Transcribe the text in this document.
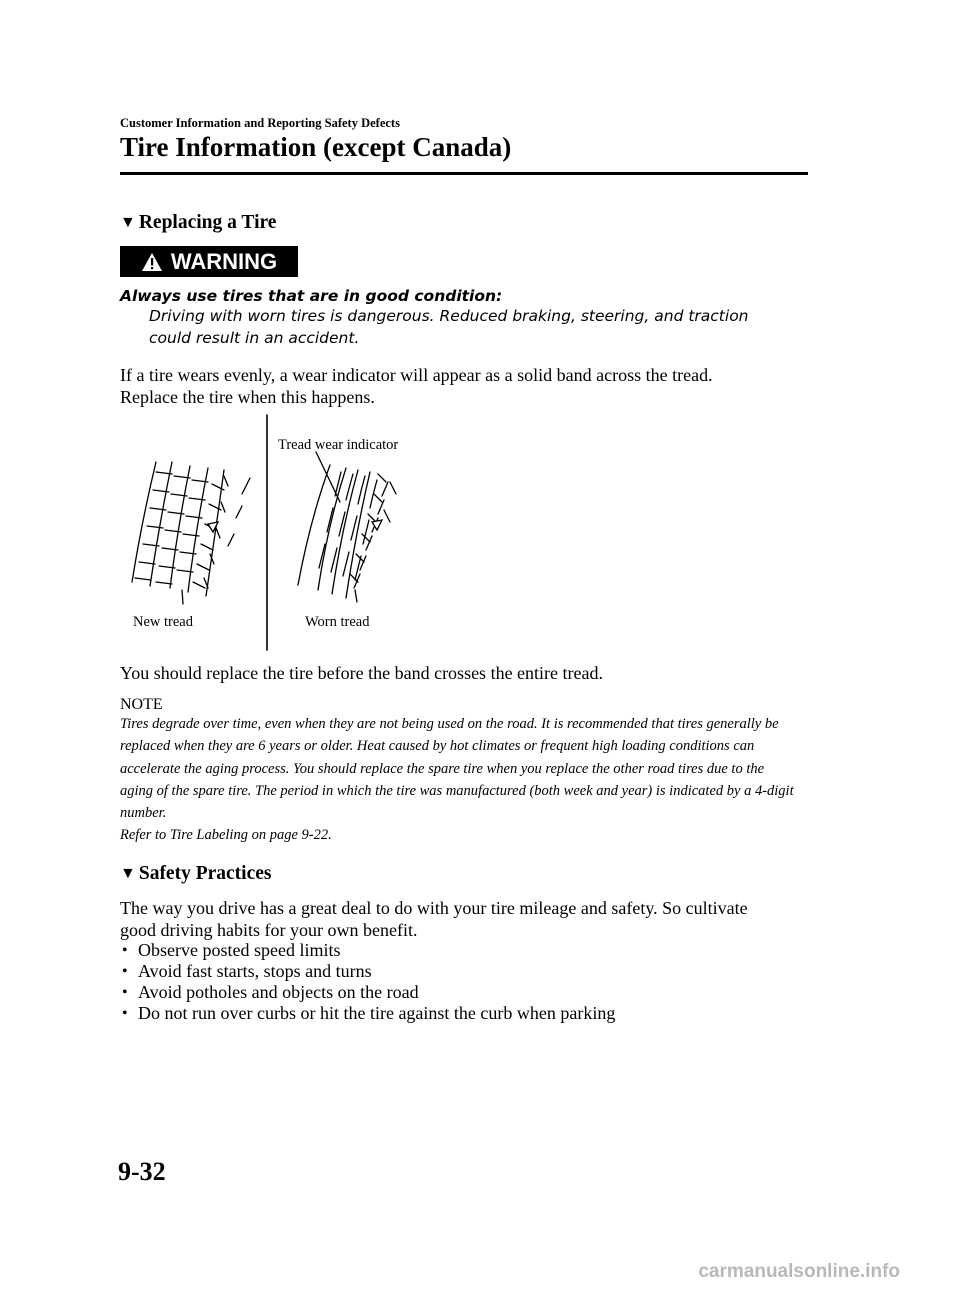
Customer Information and Reporting Safety Defects
Tire Information (except Canada)
▼ Replacing a Tire
WARNING
Always use tires that are in good condition:
Driving with worn tires is dangerous. Reduced braking, steering, and traction could result in an accident.
If a tire wears evenly, a wear indicator will appear as a solid band across the tread. Replace the tire when this happens.
Tread wear indicator
New tread	Worn tread
You should replace the tire before the band crosses the entire tread.
NOTE
Tires degrade over time, even when they are not being used on the road. It is recommended that tires generally be replaced when they are 6 years or older. Heat caused by hot climates or frequent high loading conditions can accelerate the aging process. You should replace the spare tire when you replace the other road tires due to the aging of the spare tire. The period in which the tire was manufactured (both week and year) is indicated by a 4-digit number.
Refer to Tire Labeling on page 9-22.
▼ Safety Practices
The way you drive has a great deal to do with your tire mileage and safety. So cultivate good driving habits for your own benefit.
• Observe posted speed limits
• Avoid fast starts, stops and turns
• Avoid potholes and objects on the road
• Do not run over curbs or hit the tire against the curb when parking
9-32
carmanualsonline.info
